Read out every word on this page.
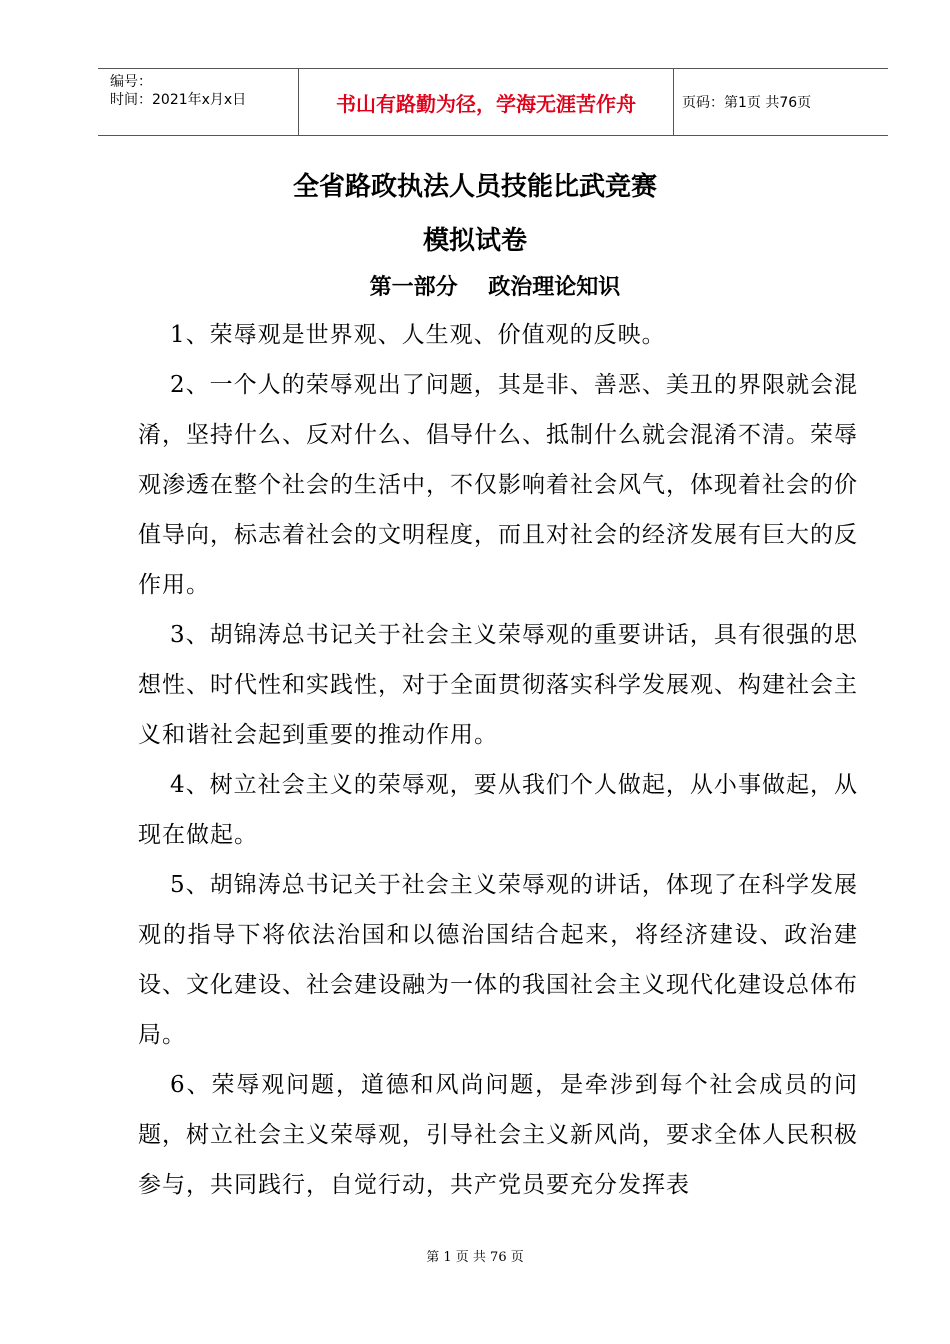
编号：
时间：2021年x月x日	书山有路勤为径，学海无涯苦作舟	页码：第1页 共76页
全省路政执法人员技能比武竞赛
模拟试卷
第一部分    政治理论知识

1、荣辱观是世界观、人生观、价值观的反映。

2、一个人的荣辱观出了问题，其是非、善恶、美丑的界限就会混淆，坚持什么、反对什么、倡导什么、抵制什么就会混淆不清。荣辱观渗透在整个社会的生活中，不仅影响着社会风气，体现着社会的价值导向，标志着社会的文明程度，而且对社会的经济发展有巨大的反作用。

3、胡锦涛总书记关于社会主义荣辱观的重要讲话，具有很强的思想性、时代性和实践性，对于全面贯彻落实科学发展观、构建社会主义和谐社会起到重要的推动作用。

4、树立社会主义的荣辱观，要从我们个人做起，从小事做起，从现在做起。

5、胡锦涛总书记关于社会主义荣辱观的讲话，体现了在科学发展观的指导下将依法治国和以德治国结合起来，将经济建设、政治建设、文化建设、社会建设融为一体的我国社会主义现代化建设总体布局。

6、荣辱观问题，道德和风尚问题，是牵涉到每个社会成员的问题，树立社会主义荣辱观，引导社会主义新风尚，要求全体人民积极参与，共同践行，自觉行动，共产党员要充分发挥表

第 1 页 共 76 页
